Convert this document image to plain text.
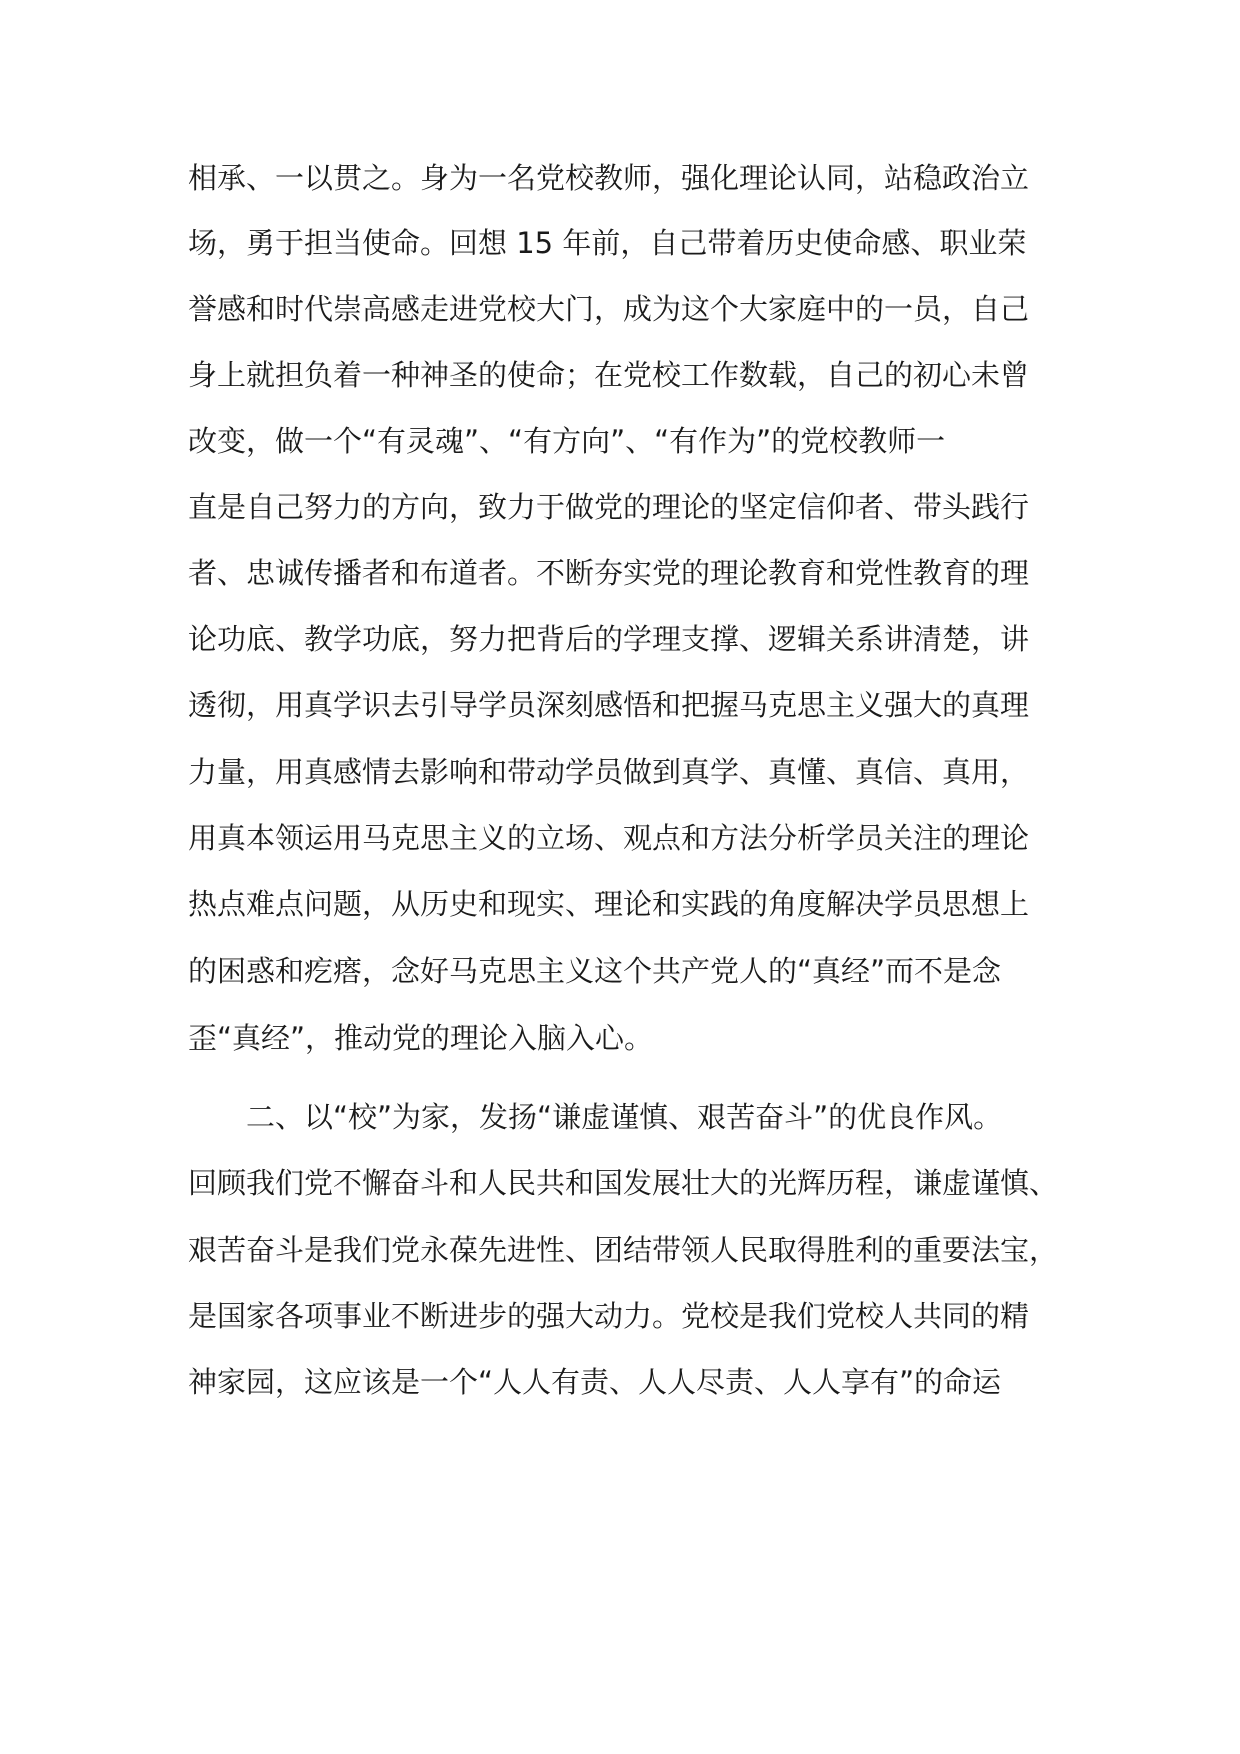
相承、一以贯之。身为一名党校教师，强化理论认同，站稳政治立
场，勇于担当使命。回想 15 年前，自己带着历史使命感、职业荣
誉感和时代崇高感走进党校大门，成为这个大家庭中的一员，自己
身上就担负着一种神圣的使命；在党校工作数载，自己的初心未曾
改变，做一个“有灵魂”、“有方向”、“有作为”的党校教师一
直是自己努力的方向，致力于做党的理论的坚定信仰者、带头践行
者、忠诚传播者和布道者。不断夯实党的理论教育和党性教育的理
论功底、教学功底，努力把背后的学理支撑、逻辑关系讲清楚，讲
透彻，用真学识去引导学员深刻感悟和把握马克思主义强大的真理
力量，用真感情去影响和带动学员做到真学、真懂、真信、真用，
用真本领运用马克思主义的立场、观点和方法分析学员关注的理论
热点难点问题，从历史和现实、理论和实践的角度解决学员思想上
的困惑和疙瘩，念好马克思主义这个共产党人的“真经”而不是念
歪“真经”，推动党的理论入脑入心。
二、以“校”为家，发扬“谦虚谨慎、艰苦奋斗”的优良作风。
回顾我们党不懈奋斗和人民共和国发展壮大的光辉历程，谦虚谨慎、
艰苦奋斗是我们党永葆先进性、团结带领人民取得胜利的重要法宝，
是国家各项事业不断进步的强大动力。党校是我们党校人共同的精
神家园，这应该是一个“人人有责、人人尽责、人人享有”的命运
